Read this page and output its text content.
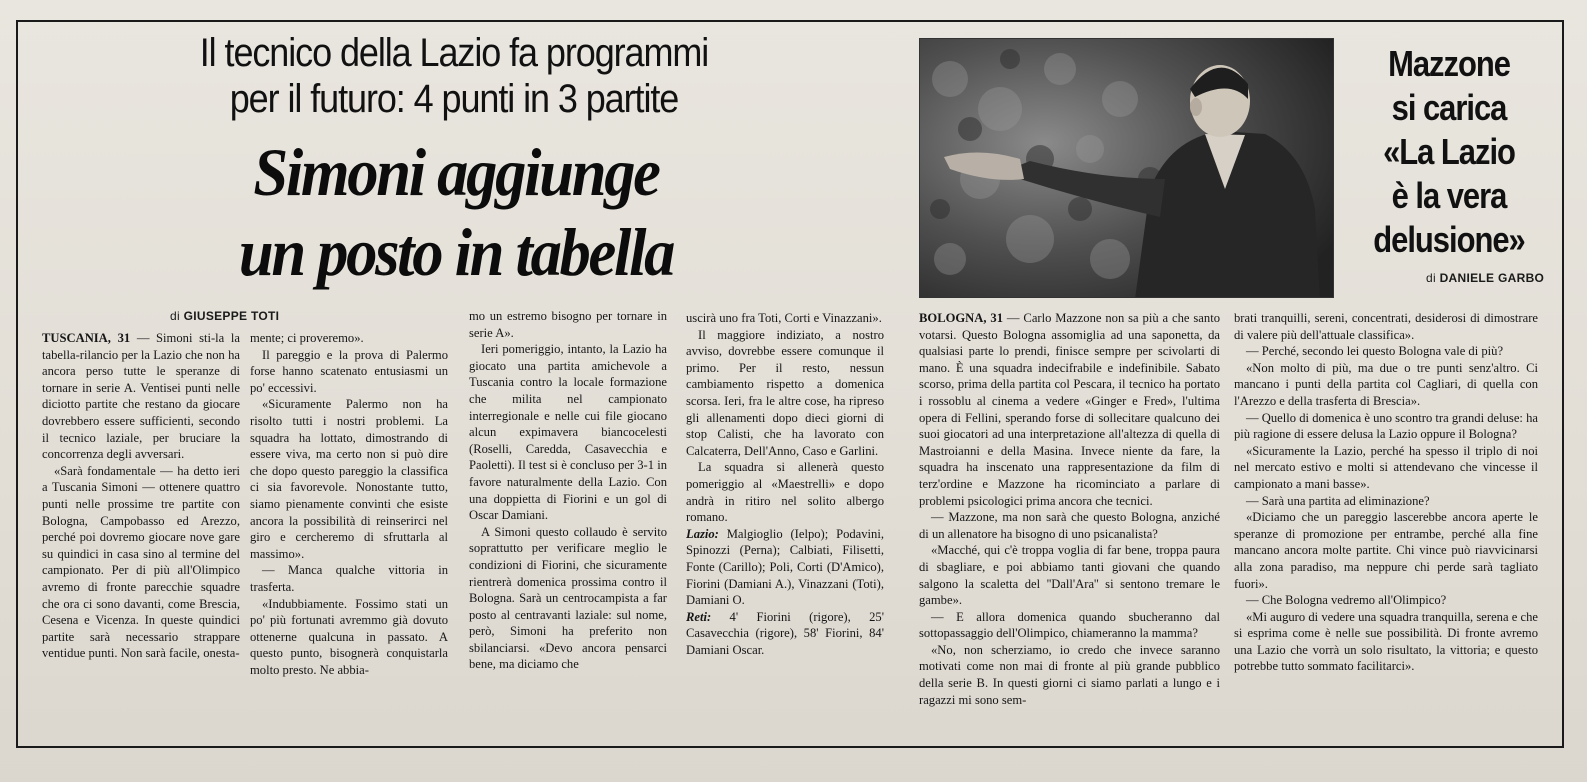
Il tecnico della Lazio fa programmi
per il futuro: 4 punti in 3 partite
Simoni aggiunge
un posto in tabella
Mazzone
si carica
«La Lazio
è la vera
delusione»
di GIUSEPPE TOTI
di DANIELE GARBO

TUSCANIA, 31 — Simoni sti-la la tabella-rilancio per la Lazio che non ha ancora perso tutte le speranze di tornare in serie A. Ventisei punti nelle diciotto partite che restano da giocare dovrebbero essere sufficienti, secondo il tecnico laziale, per bruciare la concorrenza degli avversari.

«Sarà fondamentale — ha detto ieri a Tuscania Simoni — ottenere quattro punti nelle prossime tre partite con Bologna, Campobasso ed Arezzo, perché poi dovremo giocare nove gare su quindici in casa sino al termine del campionato. Per di più all'Olimpico avremo di fronte parecchie squadre che ora ci sono davanti, come Brescia, Cesena e Vicenza. In queste quindici partite sarà necessario strappare ventidue punti. Non sarà facile, onesta-

mente; ci proveremo».

Il pareggio e la prova di Palermo forse hanno scatenato entusiasmi un po' eccessivi.

«Sicuramente Palermo non ha risolto tutti i nostri problemi. La squadra ha lottato, dimostrando di essere viva, ma certo non si può dire che dopo questo pareggio la classifica ci sia favorevole. Nonostante tutto, siamo pienamente convinti che esiste ancora la possibilità di reinserirci nel giro e cercheremo di sfruttarla al massimo».

— Manca qualche vittoria in trasferta.

«Indubbiamente. Fossimo stati un po' più fortunati avremmo già dovuto ottenerne qualcuna in passato. A questo punto, bisognerà conquistarla molto presto. Ne abbia-

mo un estremo bisogno per tornare in serie A».

Ieri pomeriggio, intanto, la Lazio ha giocato una partita amichevole a Tuscania contro la locale formazione che milita nel campionato interregionale e nelle cui file giocano alcun expimavera biancocelesti (Roselli, Caredda, Casavecchia e Paoletti). Il test si è concluso per 3-1 in favore naturalmente della Lazio. Con una doppietta di Fiorini e un gol di Oscar Damiani.

A Simoni questo collaudo è servito soprattutto per verificare meglio le condizioni di Fiorini, che sicuramente rientrerà domenica prossima contro il Bologna. Sarà un centrocampista a far posto al centravanti laziale: sul nome, però, Simoni ha preferito non sbilanciarsi. «Devo ancora pensarci bene, ma diciamo che

uscirà uno fra Toti, Corti e Vinazzani».

Il maggiore indiziato, a nostro avviso, dovrebbe essere comunque il primo. Per il resto, nessun cambiamento rispetto a domenica scorsa. Ieri, fra le altre cose, ha ripreso gli allenamenti dopo dieci giorni di stop Calisti, che ha lavorato con Calcaterra, Dell'Anno, Caso e Garlini.

La squadra si allenerà questo pomeriggio al «Maestrelli» e dopo andrà in ritiro nel solito albergo romano.

Lazio: Malgioglio (Ielpo); Podavini, Spinozzi (Perna); Calbiati, Filisetti, Fonte (Carillo); Poli, Corti (D'Amico), Fiorini (Damiani A.), Vinazzani (Toti), Damiani O.

Reti: 4' Fiorini (rigore), 25' Casavecchia (rigore), 58' Fiorini, 84' Damiani Oscar.

BOLOGNA, 31 — Carlo Mazzone non sa più a che santo votarsi. Questo Bologna assomiglia ad una saponetta, da qualsiasi parte lo prendi, finisce sempre per scivolarti di mano. È una squadra indecifrabile e indefinibile. Sabato scorso, prima della partita col Pescara, il tecnico ha portato i rossoblu al cinema a vedere «Ginger e Fred», l'ultima opera di Fellini, sperando forse di sollecitare qualcuno dei suoi giocatori ad una interpretazione all'altezza di quella di Mastroianni e della Masina. Invece niente da fare, la squadra ha inscenato una rappresentazione da film di terz'ordine e Mazzone ha ricominciato a parlare di problemi psicologici prima ancora che tecnici.

— Mazzone, ma non sarà che questo Bologna, anziché di un allenatore ha bisogno di uno psicanalista?

«Macché, qui c'è troppa voglia di far bene, troppa paura di sbagliare, e poi abbiamo tanti giovani che quando salgono la scaletta del ''Dall'Ara'' si sentono tremare le gambe».

— E allora domenica quando sbucheranno dal sottopassaggio dell'Olimpico, chiameranno la mamma?

«No, non scherziamo, io credo che invece saranno motivati come non mai di fronte al più grande pubblico della serie B. In questi giorni ci siamo parlati a lungo e i ragazzi mi sono sem-

brati tranquilli, sereni, concentrati, desiderosi di dimostrare di valere più dell'attuale classifica».

— Perché, secondo lei questo Bologna vale di più?

«Non molto di più, ma due o tre punti senz'altro. Ci mancano i punti della partita col Cagliari, di quella con l'Arezzo e della trasferta di Brescia».

— Quello di domenica è uno scontro tra grandi deluse: ha più ragione di essere delusa la Lazio oppure il Bologna?

«Sicuramente la Lazio, perché ha spesso il triplo di noi nel mercato estivo e molti si attendevano che vincesse il campionato a mani basse».

— Sarà una partita ad eliminazione?

«Diciamo che un pareggio lascerebbe ancora aperte le speranze di promozione per entrambe, perché alla fine mancano ancora molte partite. Chi vince può riavvicinarsi alla zona paradiso, ma neppure chi perde sarà tagliato fuori».

— Che Bologna vedremo all'Olimpico?

«Mi auguro di vedere una squadra tranquilla, serena e che si esprima come è nelle sue possibilità. Di fronte avremo una Lazio che vorrà un solo risultato, la vittoria; e questo potrebbe tutto sommato facilitarci».
